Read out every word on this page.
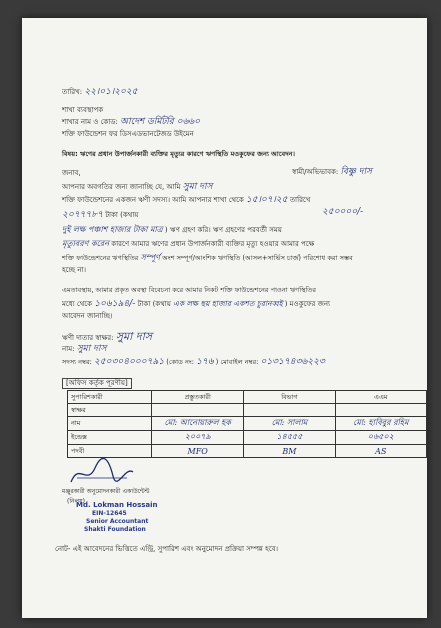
তারিখ: ২২।০১।২০২৫
শাখা ব্যবস্থাপক
শাখার নাম ও কোড: আদেশ ডর্মিটরি ০৬৬০
শক্তি ফাউন্ডেশন ফর ডিসএডভানটেজড উইমেন
বিষয়: ঋণের প্রধান উপার্জনকারী ব্যক্তির মৃত্যুর কারণে ঋণস্থিতি মওকুফের জন্য আবেদন।
জনাব,	স্বামী/অভিভাবক: বিষ্ণু দাস
আপনার অবগতির জন্য জানাচ্ছি যে, আমি সুমা দাস
শক্তি ফাউন্ডেশনের একজন ঋণী সদস্য। আমি আপনার শাখা থেকে ১৫।০৭।২৫ তারিখে
২৫০০০০/-
২০৭৭৭৮৭ টাকা (কথায়
দুই লক্ষ পঞ্চাশ হাজার টাকা মাত্র ) ঋণ গ্রহণ করি। ঋণ গ্রহণের পরবর্তী সময়
মৃত্যুবরণ করেন কারণে আমার ঋণের প্রধান উপার্জনকারী ব্যক্তির মৃত্যু হওয়ার আমার পক্ষে
শক্তি ফাউন্ডেশনের ঋণস্থিতির সম্পূর্ণ অংশ সম্পূর্ণ/আংশিক ঋণস্থিতি (আসল+সার্ভিস চার্জ) পরিশোধ করা সম্ভব
হচ্ছে না।
এমতাবস্থায়, আমার প্রকৃত অবস্থা বিবেচনা করে আমার নিকট শক্তি ফাউন্ডেশনের পাওনা ঋণস্থিতির
মধ্যে থেকে ১০৬১৯৪/- টাকা (কথায় এক লক্ষ ছয় হাজার একশত চুরানব্বই ) মওকুফের জন্য
আবেদন জানাচ্ছি।
ঋণী দাতার স্বাক্ষর: সুমা দাস
নাম: সুমা দাস
সদস্য নম্বর: ২৫০৩০৪০০০৭৯১ (কোড নং: ১৭৬ ) মোবাইল নম্বর: ০১৩১৭৪৩৬২২৩
[অফিস কর্তৃক পূরণীয়]
সুপারিশকারী	প্রস্তুতকারী	বিভাগ	এএম
স্বাক্ষর			
নাম	মো: আনোয়ারুল হক	মো: সালাম	মো: হাবিবুর রহিম
ইন্ডেক্স	২০০৭৯	১৪৫৫৫	০৬৫০২
পদবী	MFO	BM	AS
মঞ্জুরকারী অনুমোদনকারী একাউন্টেন্ট
(নিলয়)
Md. Lokman Hossain
EIN-12645
Senior Accountant
Shakti Foundation
নোট- এই আবেদনের ভিত্তিতে এন্ট্রি, সুপারিশ এবং অনুমোদন প্রক্রিয়া সম্পন্ন হবে।
